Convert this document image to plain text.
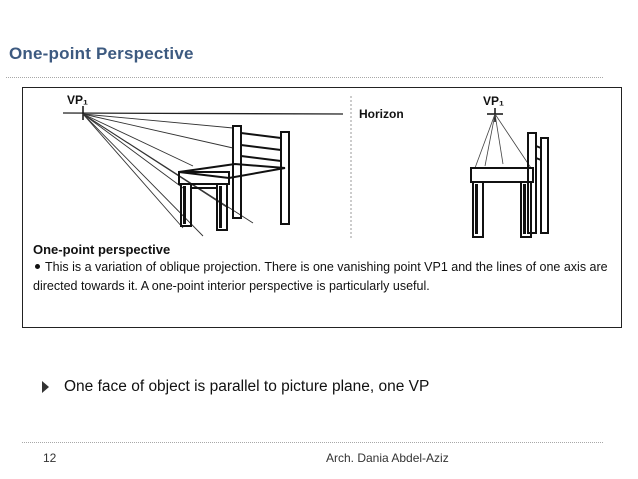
One-point Perspective
VP₁
Horizon
VP₁
One-point perspective
This is a variation of oblique projection. There is one vanishing point VP1 and the lines of one axis are directed towards it. A one-point interior perspective is particularly useful.
One face of object is parallel to picture plane, one VP
12	Arch. Dania Abdel-Aziz
